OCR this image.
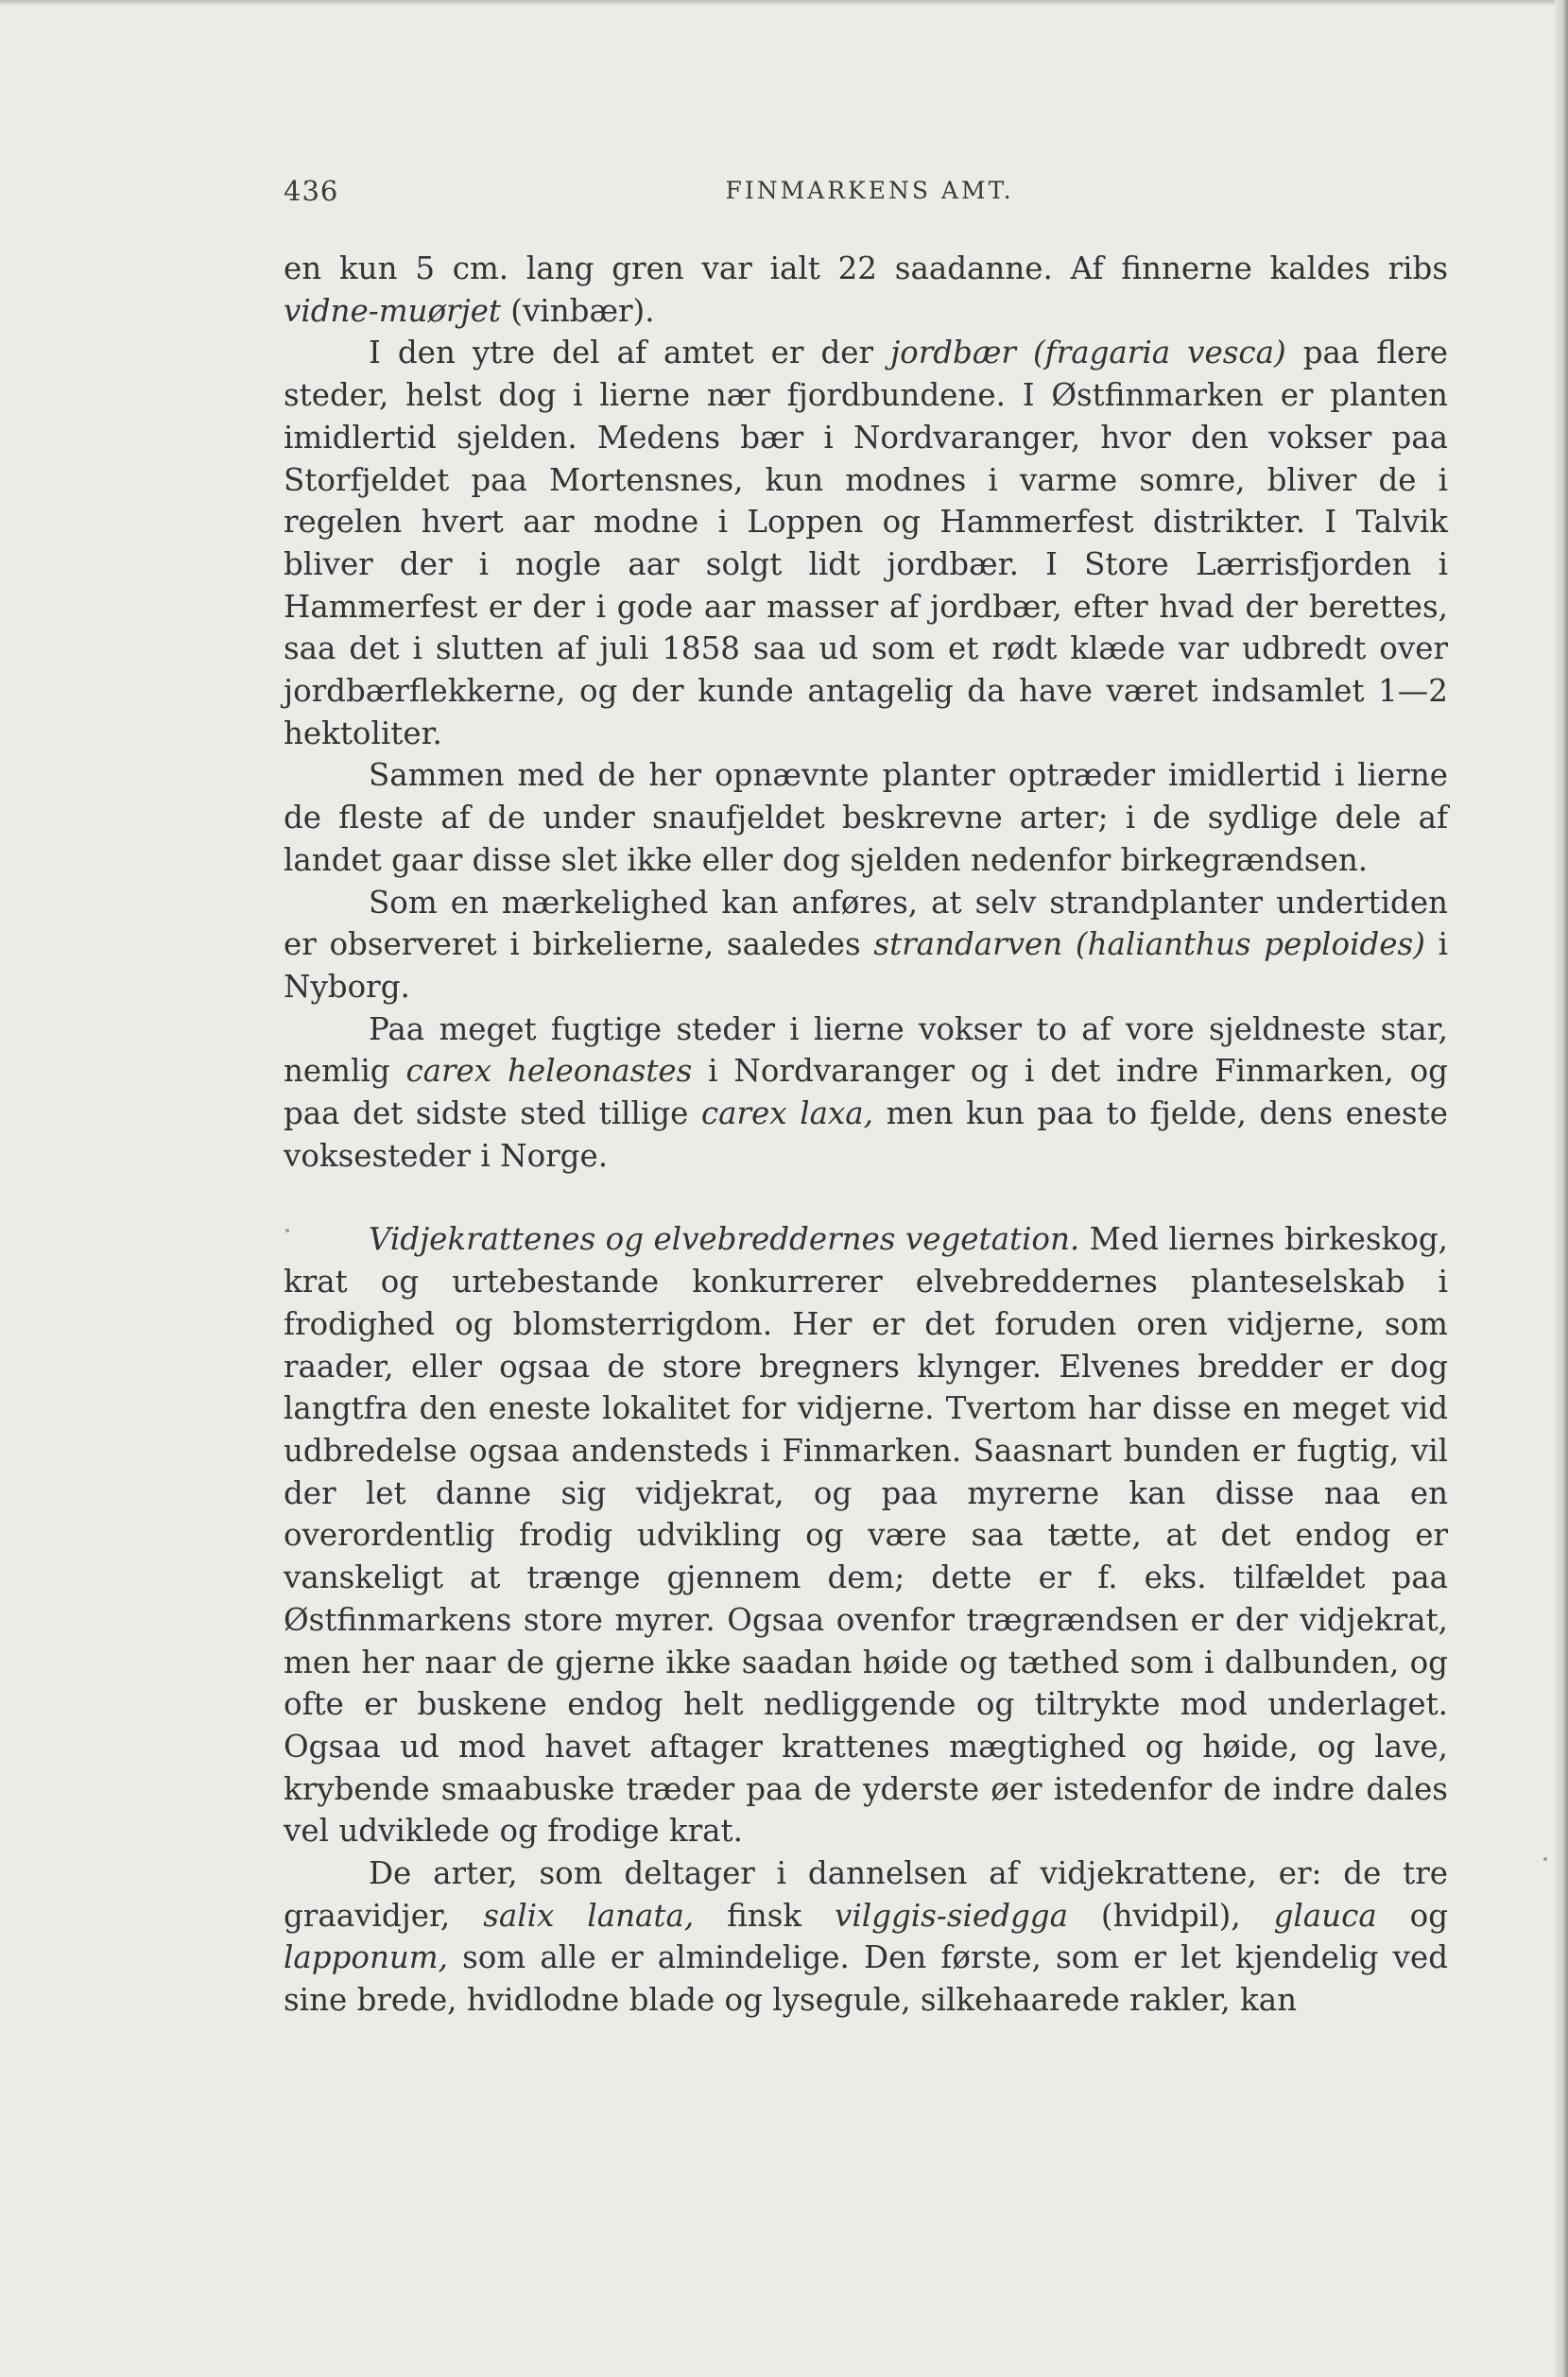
436	FINMARKENS AMT.

en kun 5 cm. lang gren var ialt 22 saadanne. Af finnerne kaldes ribs vidne-muørjet (vinbær).

I den ytre del af amtet er der jordbær (fragaria vesca) paa flere steder, helst dog i lierne nær fjordbundene. I Østfinmarken er planten imidlertid sjelden. Medens bær i Nordvaranger, hvor den vokser paa Storfjeldet paa Mortensnes, kun modnes i varme somre, bliver de i regelen hvert aar modne i Loppen og Hammerfest distrikter. I Talvik bliver der i nogle aar solgt lidt jordbær. I Store Lærrisfjorden i Hammerfest er der i gode aar masser af jordbær, efter hvad der berettes, saa det i slutten af juli 1858 saa ud som et rødt klæde var udbredt over jordbærflekkerne, og der kunde antagelig da have været indsamlet 1—2 hektoliter.

Sammen med de her opnævnte planter optræder imidlertid i lierne de fleste af de under snaufjeldet beskrevne arter; i de sydlige dele af landet gaar disse slet ikke eller dog sjelden nedenfor birkegrændsen.

Som en mærkelighed kan anføres, at selv strandplanter undertiden er observeret i birkelierne, saaledes strandarven (halianthus peploides) i Nyborg.

Paa meget fugtige steder i lierne vokser to af vore sjeldneste star, nemlig carex heleonastes i Nordvaranger og i det indre Finmarken, og paa det sidste sted tillige carex laxa, men kun paa to fjelde, dens eneste voksesteder i Norge.

Vidjekrattenes og elvebreddernes vegetation. Med liernes birkeskog, krat og urtebestande konkurrerer elvebreddernes planteselskab i frodighed og blomsterrigdom. Her er det foruden oren vidjerne, som raader, eller ogsaa de store bregners klynger. Elvenes bredder er dog langtfra den eneste lokalitet for vidjerne. Tvertom har disse en meget vid udbredelse ogsaa andensteds i Finmarken. Saasnart bunden er fugtig, vil der let danne sig vidjekrat, og paa myrerne kan disse naa en overordentlig frodig udvikling og være saa tætte, at det endog er vanskeligt at trænge gjennem dem; dette er f. eks. tilfældet paa Østfinmarkens store myrer. Ogsaa ovenfor trægrændsen er der vidjekrat, men her naar de gjerne ikke saadan høide og tæthed som i dalbunden, og ofte er buskene endog helt nedliggende og tiltrykte mod underlaget. Ogsaa ud mod havet aftager krattenes mægtighed og høide, og lave, krybende smaabuske træder paa de yderste øer istedenfor de indre dales vel udviklede og frodige krat.

De arter, som deltager i dannelsen af vidjekrattene, er: de tre graavidjer, salix lanata, finsk vilggis-siedgga (hvidpil), glauca og lapponum, som alle er almindelige. Den første, som er let kjendelig ved sine brede, hvidlodne blade og lysegule, silkehaarede rakler, kan
